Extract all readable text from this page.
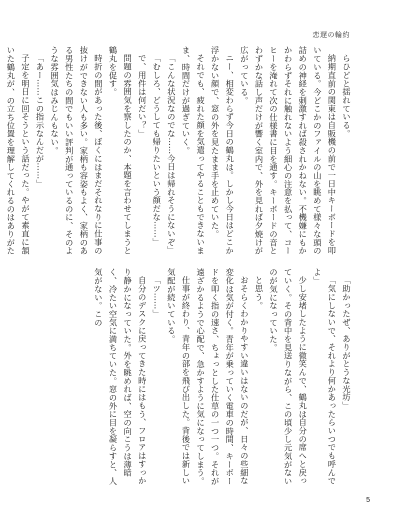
恋遅の輪約

らひどと揺れている。

納期直前の関東は自販機の前で一日中キーボードを叩いている。今どこかのファイルの山を眺めて様々な頭の詰めの神経を刺激すれば殺されかねない。不機嫌にもかかわらずそれに触れないよう細心の注意を払って、コーヒーを淹れて次の仕様書に目を通す。キーボードの音とわずかな話し声だけが響く室内で、外を見れば夕焼けが広がっている。

ニー、相変わらず今日の鶴丸は。しかし今日はどこか浮かない顔で、窓の外を見たまま手を止めていた。

それでも、疲れた顔を気遣ってやることもできないまま、時間だけが過ぎていく。

「こんな状況なのでな……今日は帰れそうにないぞ」

「むしろ、どうしても帰りたいという顔だな……」

で、用件は何だい？」

問題の雰囲気を察したのか、本題を言わせてしまうと鶴丸を促す。

時折の間があった後、ぼくにはまだそれなりに仕事の抜けができない人も多い。家柄も容姿もよく、家柄のある男性たちの間でもいい評判が通っているのに、そのような雰囲気はみじんもない。

「あー……この指示なんだが……」

子定を明日に回そうという話だった。やがて素直に頷いた鶴丸が、の立ち位置を理解してくれるのはありがた

「助かったぜ、ありがとうな光坊」

「気にしないで、それより何かあったらいつでも呼んでよ」

少し安堵したように微笑んで、鶴丸は自分の席へと戻っていく。その背中を見送りながら、この頃少し元気がないのが気になっていた。

と思う。

おそらくわかりやすい違いはないのだが、日々の些細な変化は気が付く。青年が乗っていく電車の時間、キーボードを叩く指の速さ、ちょっとした仕草の一つ一つ。それが遠ざかるようで心配で、急かすように気になってしまう。

仕事が終わり、青年の部を飛び出した。背後では新しい気配が続いている。

「ツ……」

自分のデスクに戻ってきた時にはもう、フロアはすっかり静かになっていた。外を眺めれば、空の向こうは薄暗く、冷たい空気に満ちていた。窓の外に目を凝らすと、人気がない。この

5
